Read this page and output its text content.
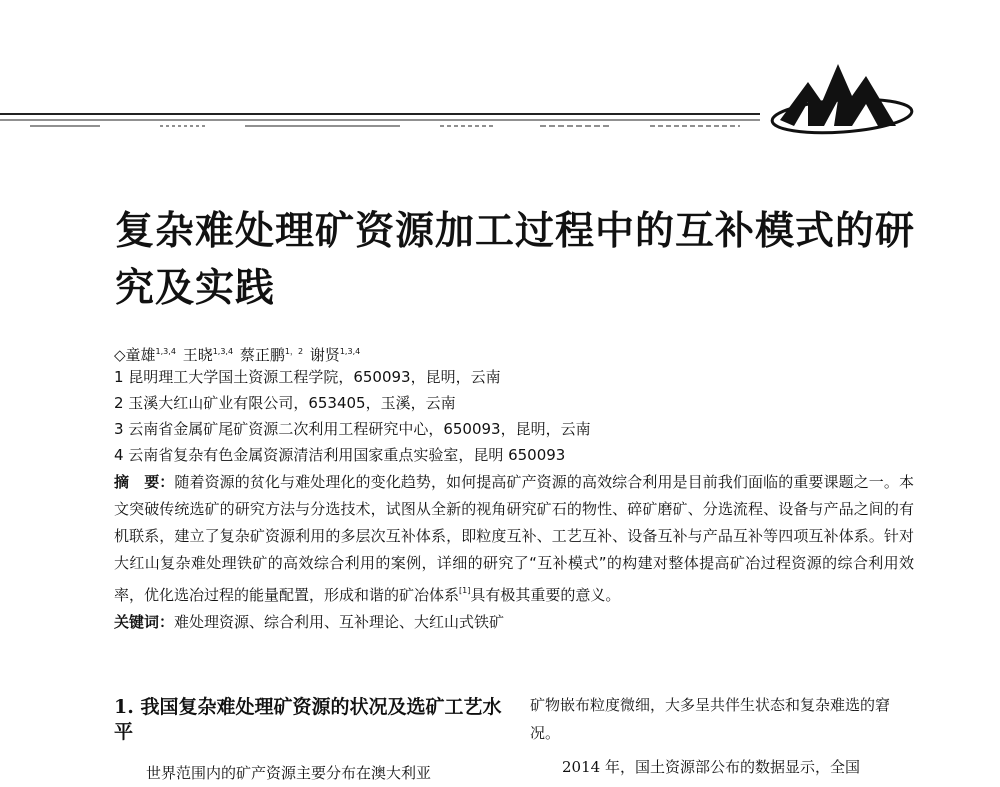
复杂难处理矿资源加工过程中的互补模式的研究及实践
◇童雄$^{1,3,4}$ 王晓$^{1,3,4}$ 蔡正鹏$^{1,2}$ 谢贤$^{1,3,4}$
1 昆明理工大学国土资源工程学院，650093，昆明，云南
2 玉溪大红山矿业有限公司，653405，玉溪，云南
3 云南省金属矿尾矿资源二次利用工程研究中心，650093，昆明，云南
4 云南省复杂有色金属资源清洁利用国家重点实验室，昆明 650093

摘　要：随着资源的贫化与难处理化的变化趋势，如何提高矿产资源的高效综合利用是目前我们面临的重要课题之一。本文突破传统选矿的研究方法与分选技术，试图从全新的视角研究矿石的物性、碎矿磨矿、分选流程、设备与产品之间的有机联系，建立了复杂矿资源利用的多层次互补体系，即粒度互补、工艺互补、设备互补与产品互补等四项互补体系。针对大红山复杂难处理铁矿的高效综合利用的案例，详细的研究了“互补模式”的构建对整体提高矿冶过程资源的综合利用效率，优化选冶过程的能量配置，形成和谐的矿冶体系[1]具有极其重要的意义。

关键词：难处理资源、综合利用、互补理论、大红山式铁矿

1. 我国复杂难处理矿资源的状况及选矿工艺水平

世界范围内的矿产资源主要分布在澳大利亚

矿物嵌布粒度微细，大多呈共伴生状态和复杂难选的窘况。

2014 年，国土资源部公布的数据显示，全国
